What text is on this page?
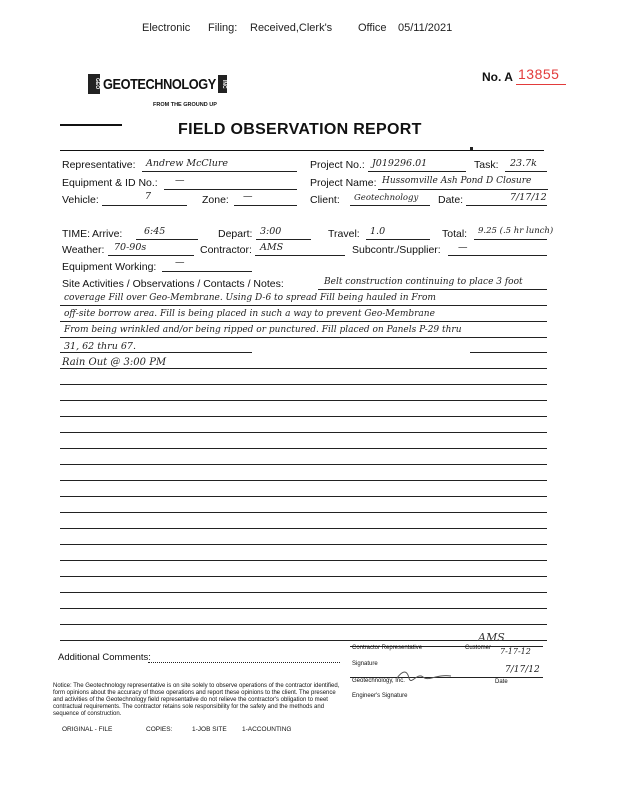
Electronic Filing: Received,Clerk's Office 05/11/2021
GEO GEOTECHNOLOGY	INC
FROM THE GROUND UP
No. A 13855
FIELD OBSERVATION REPORT
Representative: Andrew McClure	Project No.: J019296.01	Task: 23.7k
Equipment & ID No.: —	Project Name: Hussomville Ash Pond D Closure
Vehicle:	7	Zone: —	Client: Geotechnology Date:	7/17/12
TIME: Arrive: 6:45	Depart: 3:00	Travel: 1.0	Total: 9.25 (.5 hr lunch)
Weather: 70-90s	Contractor: AMS	Subcontr./Supplier: —
Equipment Working: —
Site Activities / Observations / Contacts / Notes:	Belt construction continuing to place 3 foot
coverage Fill over Geo-Membrane. Using D-6 to spread Fill being hauled in From
off-site borrow area. Fill is being placed in such a way to prevent Geo-Membrane
From being wrinkled and/or being ripped or punctured. Fill placed on Panels P-29 thru
31, 62 thru 67.
Rain Out @ 3:00 PM
Additional Comments:
Contractor Representative	Customer
AMS
7-17-12
Signature
Geotechnology, Inc.
7/17/12
Date
Engineer's Signature
Notice: The Geotechnology representative is on site solely to observe operations of the contractor identified, form opinions about the accuracy of those operations and report these opinions to the client. The presence and activities of the Geotechnology field representative do not relieve the contractor's obligation to meet contractual requirements. The contractor retains sole responsibility for the safety and the methods and sequence of construction.
ORIGINAL - FILE	COPIES:	1-JOB SITE 1-ACCOUNTING
